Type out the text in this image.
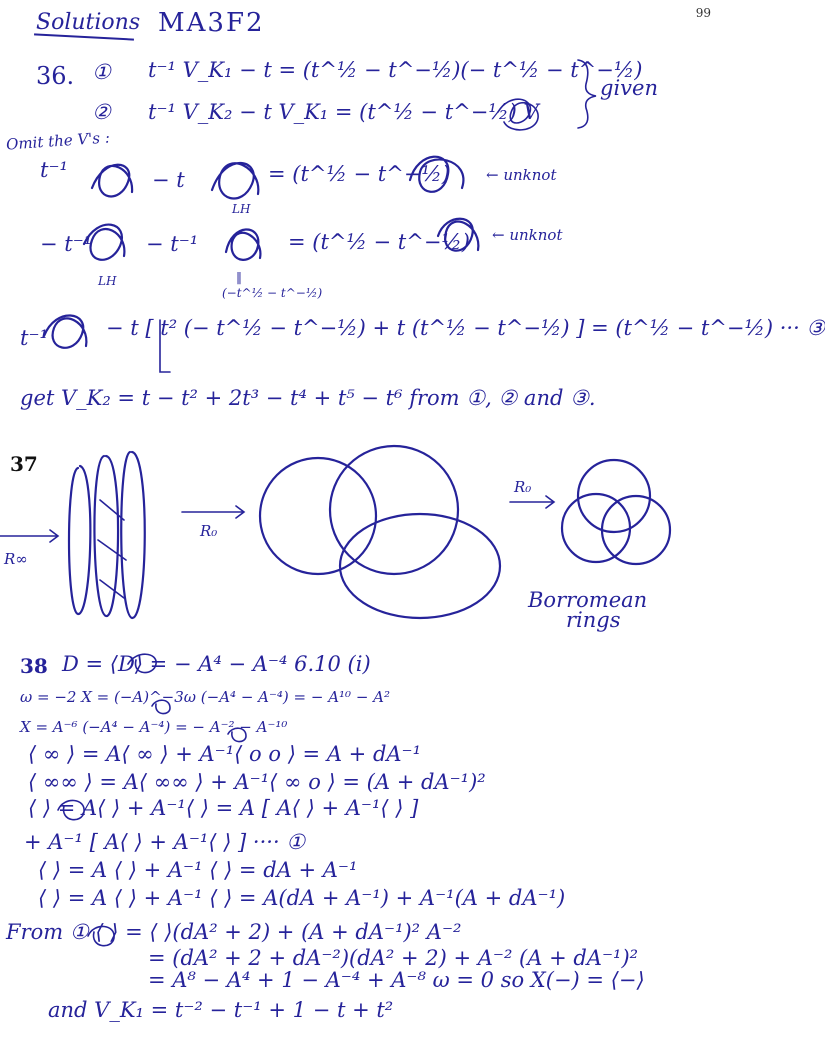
Solutions MA3F2	99
36. ① t⁻¹ V_K₁ − t = (t^½ − t^−½)(− t^½ − t^−½)
② t⁻¹ V_K₂ − t V_K₁ = (t^½ − t^−½) V
given
Omit the V's :
t⁻¹	− t	= (t^½ − t^−½) ← unknot
LH
− t⁻¹	− t⁻¹	= (t^½ − t^−½) ← unknot
LH	‖
(−t^½ − t^−½)
t⁻¹	− t [ t² (− t^½ − t^−½) + t (t^½ − t^−½) ] = (t^½ − t^−½) ··· ③
get V_K₂ = t − t² + 2t³ − t⁴ + t⁵ − t⁶ from ①, ② and ③.
37
R∞
R₀
R₀
Borromean
rings
38 D = ⟨D⟩ = − A⁴ − A⁻⁴ 6.10 (i)
ω = −2 X = (−A)^−3ω (−A⁴ − A⁻⁴) = − A¹⁰ − A²
X = A⁻⁶ (−A⁴ − A⁻⁴) = − A⁻² − A⁻¹⁰
⟨ ∞ ⟩ = A⟨ ∞ ⟩ + A⁻¹⟨ o o ⟩ = A + dA⁻¹
⟨ ∞∞ ⟩ = A⟨ ∞∞ ⟩ + A⁻¹⟨ ∞ o ⟩ = (A + dA⁻¹)²
⟨ ⟩ = A⟨ ⟩ + A⁻¹⟨ ⟩ = A [ A⟨ ⟩ + A⁻¹⟨ ⟩ ]
+ A⁻¹ [ A⟨ ⟩ + A⁻¹⟨ ⟩ ] ···· ①
⟨ ⟩ = A ⟨ ⟩ + A⁻¹ ⟨ ⟩ = dA + A⁻¹
⟨ ⟩ = A ⟨ ⟩ + A⁻¹ ⟨ ⟩ = A(dA + A⁻¹) + A⁻¹(A + dA⁻¹)
From ① ⟨ ⟩ = ⟨ ⟩(dA² + 2) + (A + dA⁻¹)² A⁻²
= (dA² + 2 + dA⁻²)(dA² + 2) + A⁻² (A + dA⁻¹)²
= A⁸ − A⁴ + 1 − A⁻⁴ + A⁻⁸ ω = 0 so X(−) = ⟨−⟩
and V_K₁ = t⁻² − t⁻¹ + 1 − t + t²
